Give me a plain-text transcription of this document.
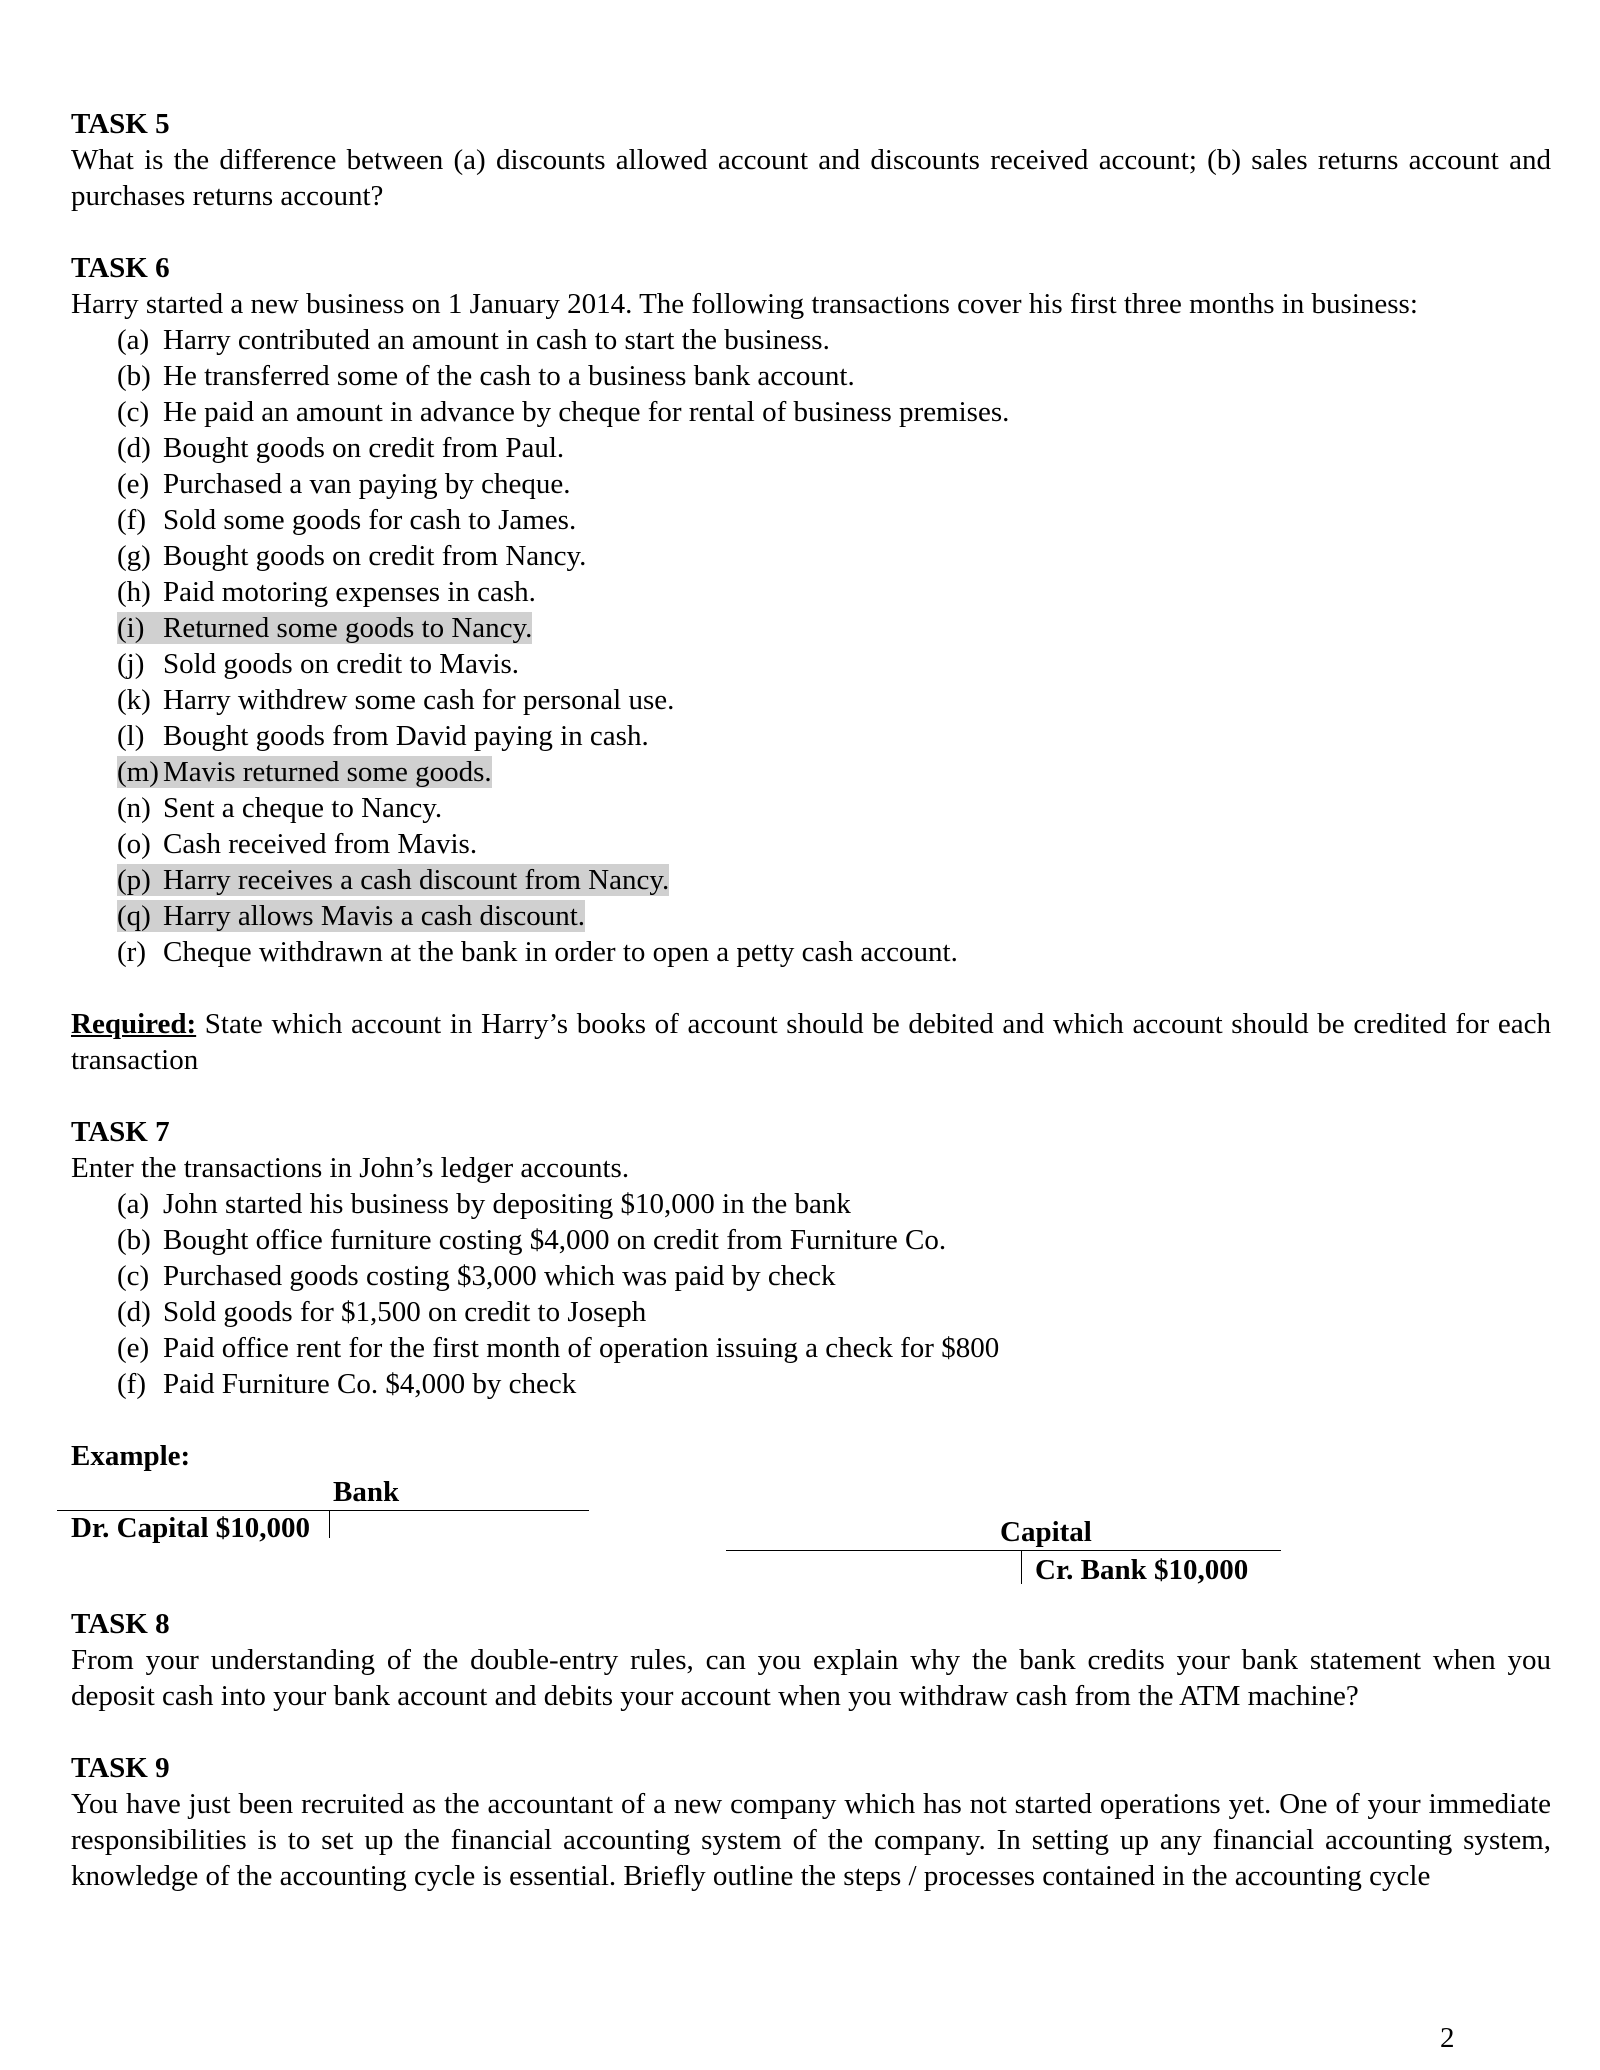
TASK 5

What is the difference between (a) discounts allowed account and discounts received account; (b) sales returns account and purchases returns account?

TASK 6

Harry started a new business on 1 January 2014. The following transactions cover his first three months in business:

(a) Harry contributed an amount in cash to start the business.
(b) He transferred some of the cash to a business bank account.
(c) He paid an amount in advance by cheque for rental of business premises.
(d) Bought goods on credit from Paul.
(e) Purchased a van paying by cheque.
(f) Sold some goods for cash to James.
(g) Bought goods on credit from Nancy.
(h) Paid motoring expenses in cash.
(i) Returned some goods to Nancy.
(j) Sold goods on credit to Mavis.
(k) Harry withdrew some cash for personal use.
(l) Bought goods from David paying in cash.
(m) Mavis returned some goods.
(n) Sent a cheque to Nancy.
(o) Cash received from Mavis.
(p) Harry receives a cash discount from Nancy.
(q) Harry allows Mavis a cash discount.
(r) Cheque withdrawn at the bank in order to open a petty cash account.

Required: State which account in Harry’s books of account should be debited and which account should be credited for each transaction

TASK 7

Enter the transactions in John’s ledger accounts.

(a) John started his business by depositing $10,000 in the bank
(b) Bought office furniture costing $4,000 on credit from Furniture Co.
(c) Purchased goods costing $3,000 which was paid by check
(d) Sold goods for $1,500 on credit to Joseph
(e) Paid office rent for the first month of operation issuing a check for $800
(f) Paid Furniture Co. $4,000 by check
Example:
Bank
Dr. Capital $10,000	Capital
Cr. Bank $10,000

TASK 8

From your understanding of the double-entry rules, can you explain why the bank credits your bank statement when you deposit cash into your bank account and debits your account when you withdraw cash from the ATM machine?

TASK 9

You have just been recruited as the accountant of a new company which has not started operations yet. One of your immediate responsibilities is to set up the financial accounting system of the company. In setting up any financial accounting system, knowledge of the accounting cycle is essential. Briefly outline the steps / processes contained in the accounting cycle

2
